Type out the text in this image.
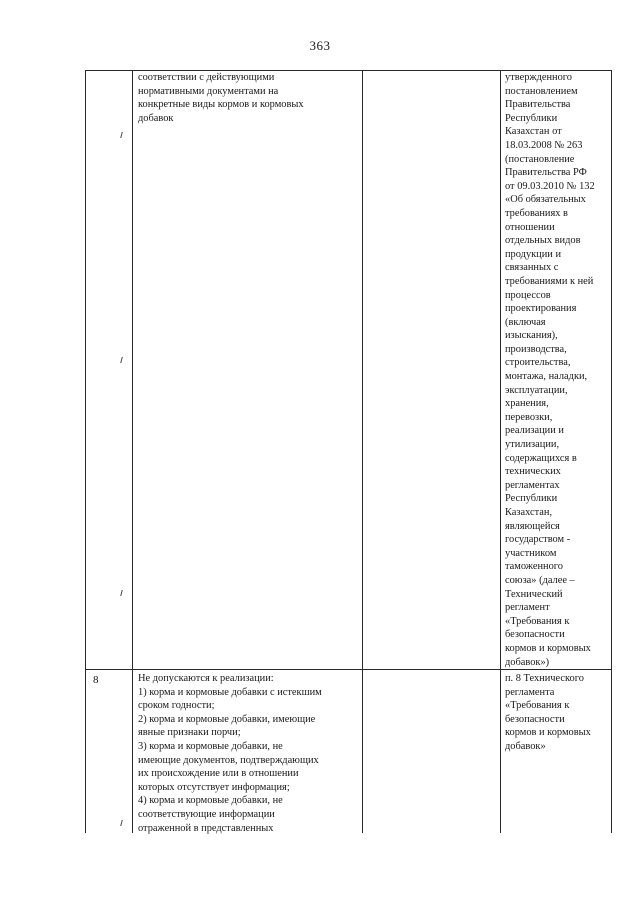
363
соответствии с действующими
нормативными документами на
конкретные виды кормов и кормовых
добавок
утвержденного
постановлением
Правительства
Республики
Казахстан от
18.03.2008 № 263
(постановление
Правительства РФ
от 09.03.2010 № 132
«Об обязательных
требованиях в
отношении
отдельных видов
продукции и
связанных с
требованиями к ней
процессов
проектирования
(включая
изыскания),
производства,
строительства,
монтажа, наладки,
эксплуатации,
хранения,
перевозки,
реализации и
утилизации,
содержащихся в
технических
регламентах
Республики
Казахстан,
являющейся
государством -
участником
таможенного
союза» (далее –
Технический
регламент
«Требования к
безопасности
кормов и кормовых
добавок»)
8	Не допускаются к реализации:
1) корма и кормовые добавки с истекшим
сроком годности;
2) корма и кормовые добавки, имеющие
явные признаки порчи;
3) корма и кормовые добавки, не
имеющие документов, подтверждающих
их происхождение или в отношении
которых отсутствует информация;
4) корма и кормовые добавки, не
соответствующие информации
отраженной в представленных
п. 8 Технического
регламента
«Требования к
безопасности
кормов и кормовых
добавок»
